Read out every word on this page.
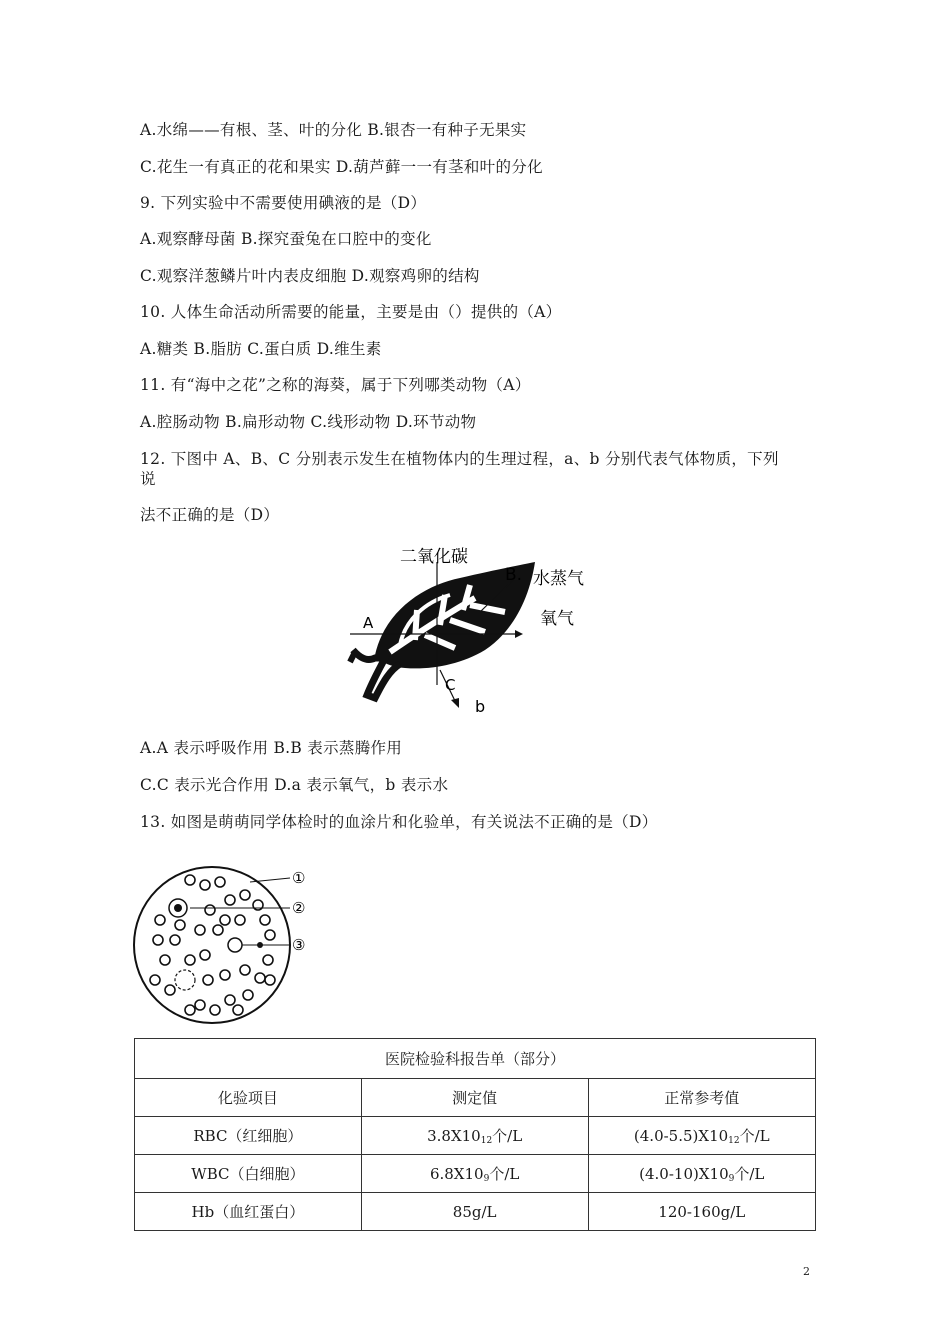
A.水绵——有根、茎、叶的分化 B.银杏一有种子无果实
C.花生一有真正的花和果实 D.葫芦藓一一有茎和叶的分化
9. 下列实验中不需要使用碘液的是（D）
A.观察酵母菌 B.探究蚕兔在口腔中的变化
C.观察洋葱鳞片叶内表皮细胞 D.观察鸡卵的结构
10. 人体生命活动所需要的能量，主要是由（）提供的（A）
A.糖类 B.脂肪 C.蛋白质 D.维生素
11. 有“海中之花”之称的海葵，属于下列哪类动物（A）
A.腔肠动物 B.扁形动物 C.线形动物 D.环节动物
12. 下图中 A、B、C 分别表示发生在植物体内的生理过程，a、b 分别代表气体物质，下列
说
法不正确的是（D）
二氧化碳
B. 水蒸气
A	氧气
C
b
A.A 表示呼吸作用 B.B 表示蒸腾作用
C.C 表示光合作用 D.a 表示氧气，b 表示水
13. 如图是萌萌同学体检时的血涂片和化验单，有关说法不正确的是（D）
①
②
③
医院检验科报告单（部分）		
化验项目	测定值	正常参考值
RBC（红细胞）	$3.8X10_{12}$个/L	$(4.0-5.5)X10_{12}$个/L
WBC（白细胞）	$6.8X10_9$个/L	$(4.0-10)X10_9$个/L
Hb（血红蛋白）	85g/L	120-160g/L
2
